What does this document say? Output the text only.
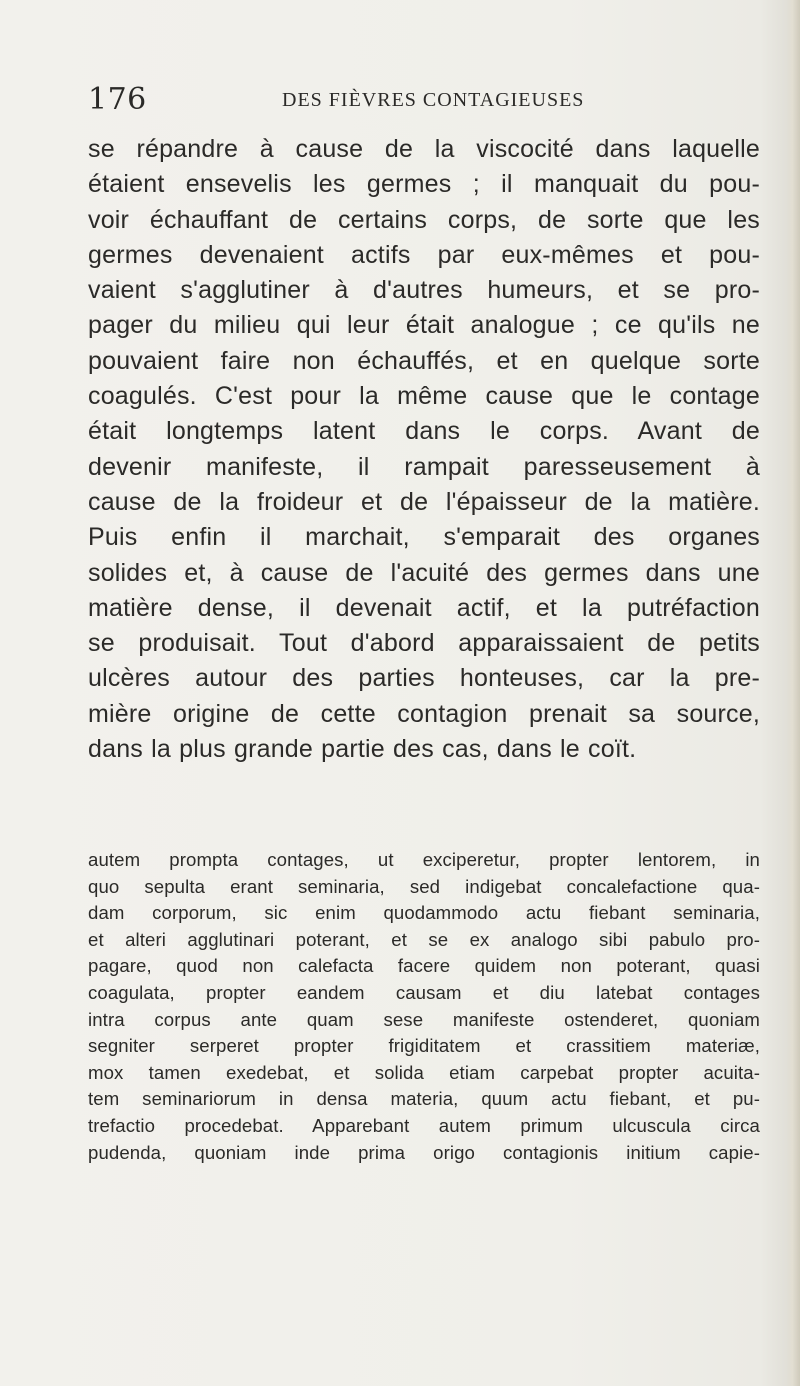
176	DES FIÈVRES CONTAGIEUSES
se répandre à cause de la viscocité dans laquelle
étaient ensevelis les germes ; il manquait du pou-
voir échauffant de certains corps, de sorte que les
germes devenaient actifs par eux-mêmes et pou-
vaient s'agglutiner à d'autres humeurs, et se pro-
pager du milieu qui leur était analogue ; ce qu'ils ne
pouvaient faire non échauffés, et en quelque sorte
coagulés. C'est pour la même cause que le contage
était longtemps latent dans le corps. Avant de
devenir manifeste, il rampait paresseusement à
cause de la froideur et de l'épaisseur de la matière.
Puis enfin il marchait, s'emparait des organes
solides et, à cause de l'acuité des germes dans une
matière dense, il devenait actif, et la putréfaction
se produisait. Tout d'abord apparaissaient de petits
ulcères autour des parties honteuses, car la pre-
mière origine de cette contagion prenait sa source,
dans la plus grande partie des cas, dans le coït.
autem prompta contages, ut exciperetur, propter lentorem, in
quo sepulta erant seminaria, sed indigebat concalefactione qua-
dam corporum, sic enim quodammodo actu fiebant seminaria,
et alteri agglutinari poterant, et se ex analogo sibi pabulo pro-
pagare, quod non calefacta facere quidem non poterant, quasi
coagulata, propter eandem causam et diu latebat contages
intra corpus ante quam sese manifeste ostenderet, quoniam
segniter serperet propter frigiditatem et crassitiem materiæ,
mox tamen exedebat, et solida etiam carpebat propter acuita-
tem seminariorum in densa materia, quum actu fiebant, et pu-
trefactio procedebat. Apparebant autem primum ulcuscula circa
pudenda, quoniam inde prima origo contagionis initium capie-
